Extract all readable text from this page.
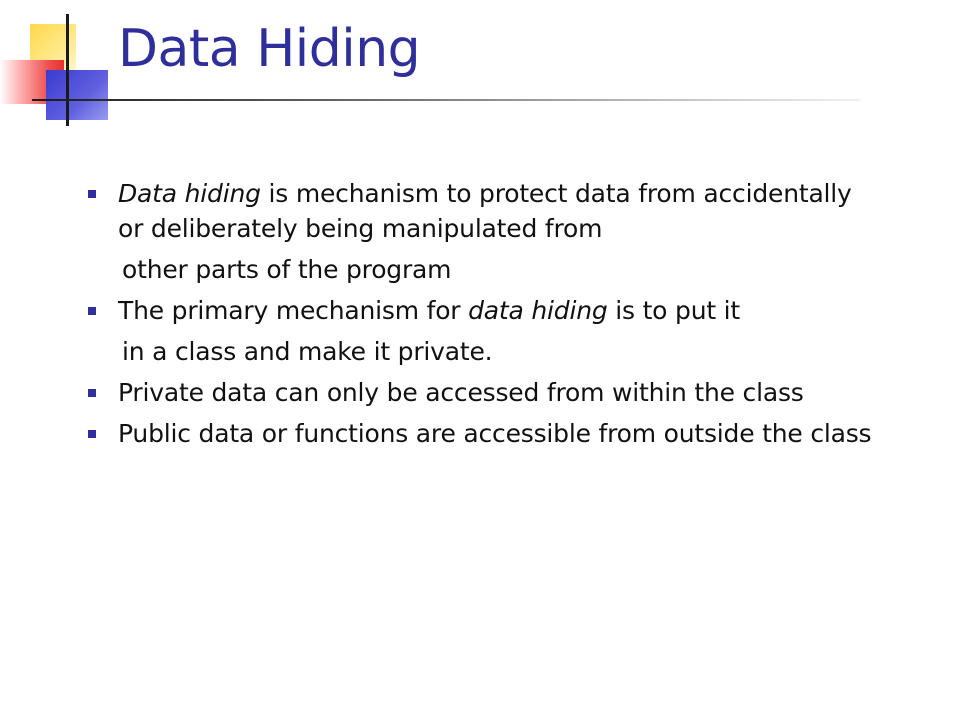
Data Hiding
Data hiding is mechanism to protect data from accidentally or deliberately being manipulated from
other parts of the program
The primary mechanism for data hiding is to put it
in a class and make it private.
Private data can only be accessed from within the class
Public data or functions are accessible from outside the class
